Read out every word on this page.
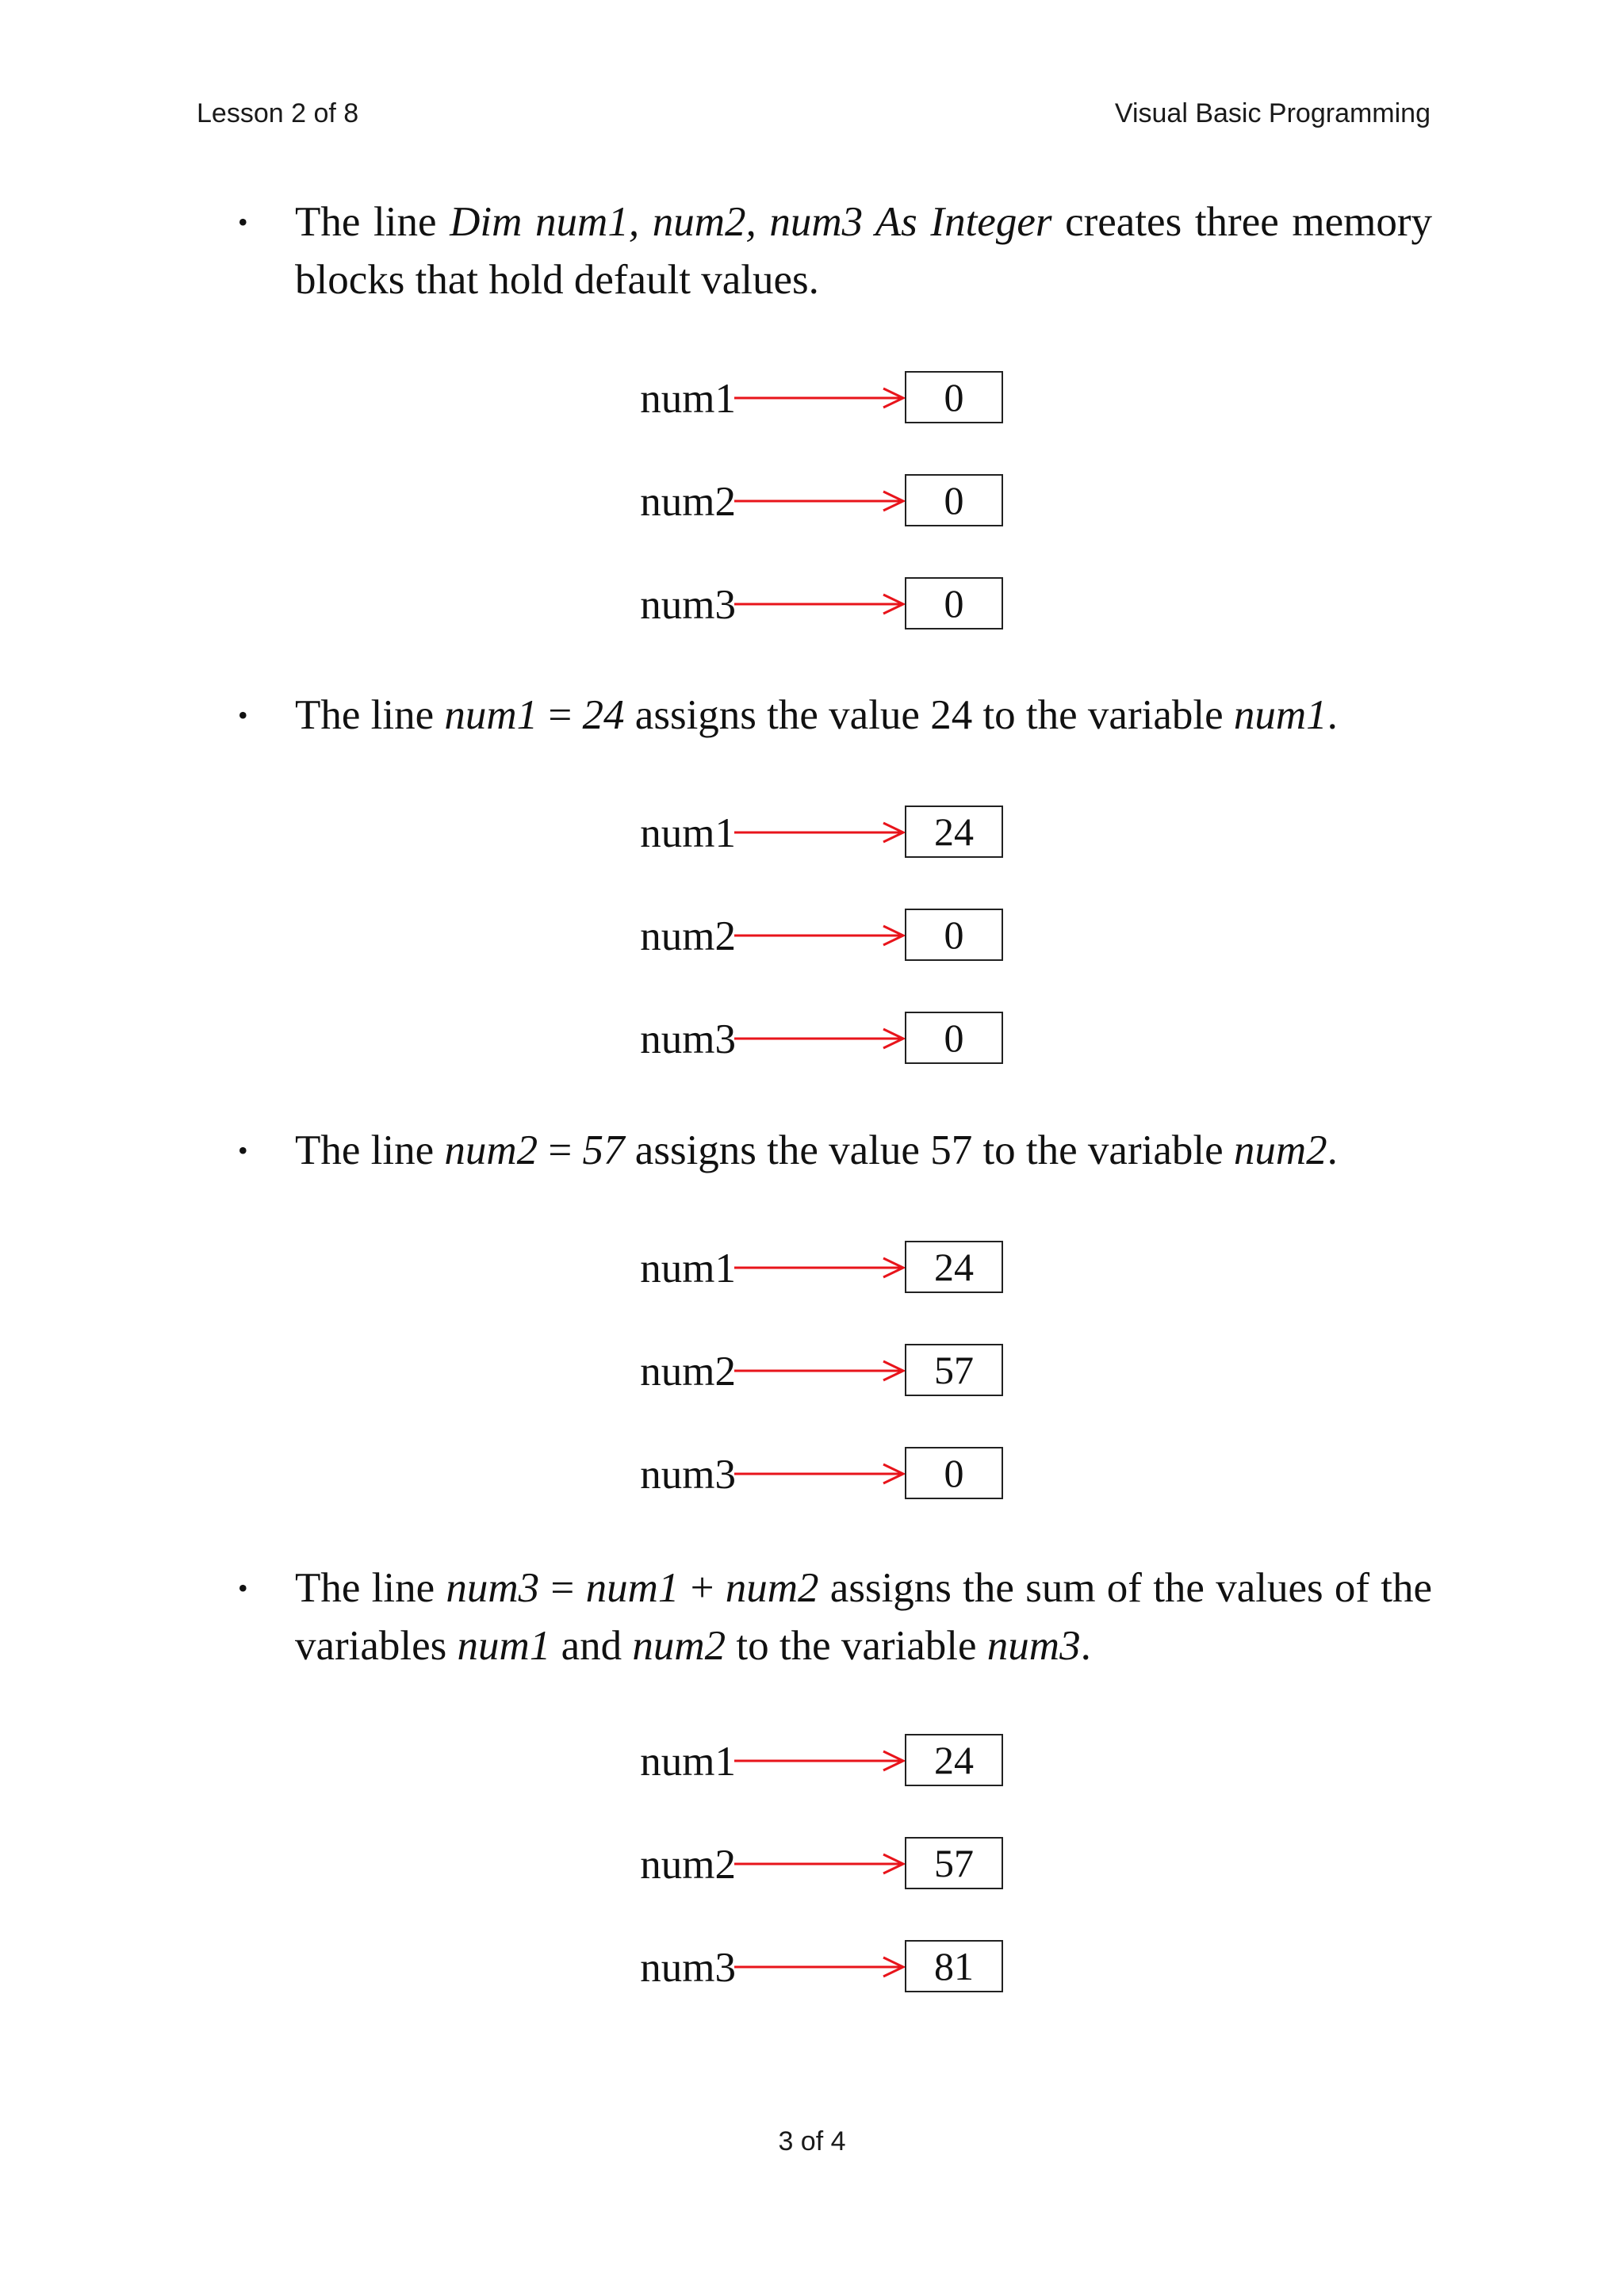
Lesson 2 of 8	Visual Basic Programming
•	The line Dim num1, num2, num3 As Integer creates three memory blocks that hold default values.
num1	0
num2	0
num3	0
•	The line num1 = 24 assigns the value 24 to the variable num1.
num1	24
num2	0
num3	0
•	The line num2 = 57 assigns the value 57 to the variable num2.
num1	24
num2	57
num3	0
•	The line num3 = num1 + num2 assigns the sum of the values of the variables num1 and num2 to the variable num3.
num1	24
num2	57
num3	81
3 of 4
